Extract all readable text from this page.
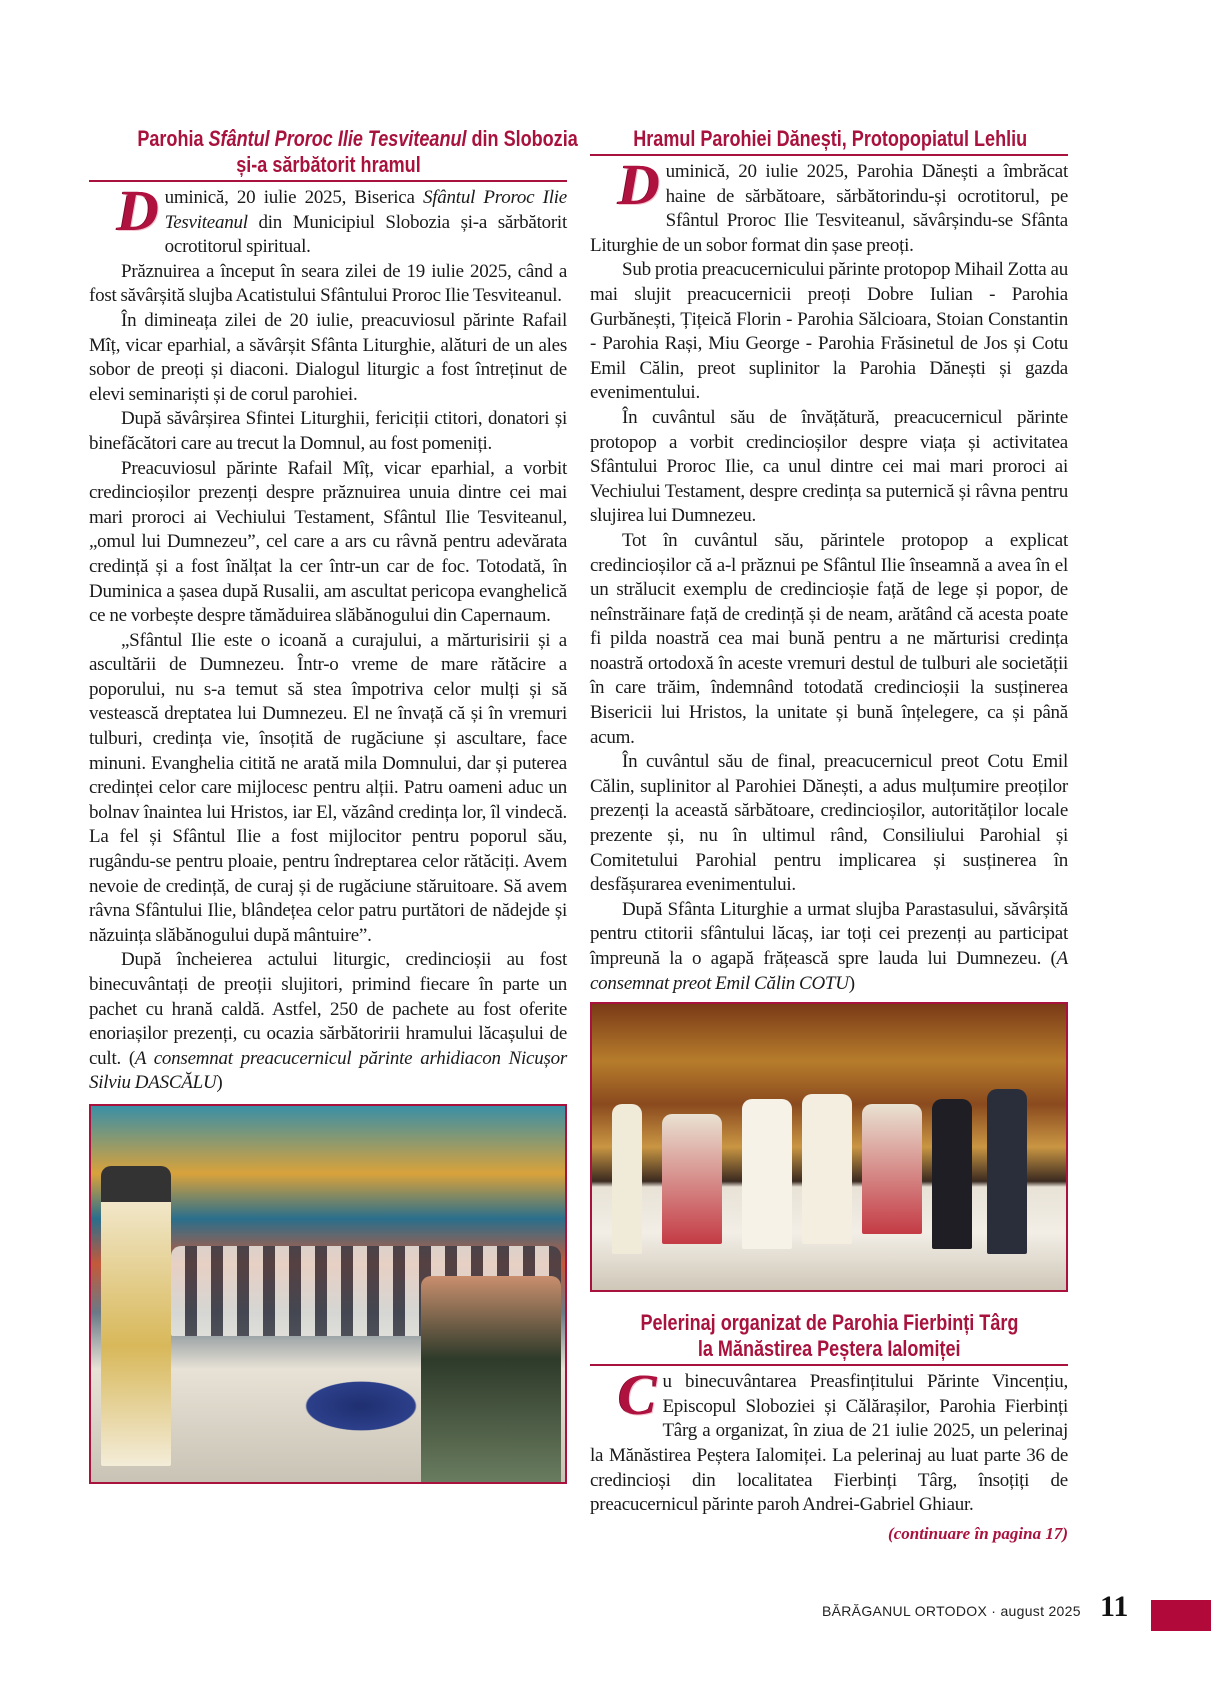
Parohia Sfântul Proroc Ilie Tesviteanul din Slobozia
și-a sărbătorit hramul

Duminică, 20 iulie 2025, Biserica Sfântul Proroc Ilie Tesviteanul din Municipiul Slobozia și-a sărbătorit ocrotitorul spiritual.

Prăznuirea a început în seara zilei de 19 iulie 2025, când a fost săvârșită slujba Acatistului Sfântului Proroc Ilie Tesviteanul.

În dimineața zilei de 20 iulie, preacuviosul părinte Rafail Mîț, vicar eparhial, a săvârșit Sfânta Liturghie, alături de un ales sobor de preoți și diaconi. Dialogul liturgic a fost întreținut de elevi seminariști și de corul parohiei.

După săvârșirea Sfintei Liturghii, fericiții ctitori, donatori și binefăcători care au trecut la Domnul, au fost pomeniți.

Preacuviosul părinte Rafail Mîț, vicar eparhial, a vorbit credincioșilor prezenți despre prăznuirea unuia dintre cei mai mari proroci ai Vechiului Testament, Sfântul Ilie Tesviteanul, „omul lui Dumnezeu”, cel care a ars cu râvnă pentru adevărata credință și a fost înălțat la cer într-un car de foc. Totodată, în Duminica a șasea după Rusalii, am ascultat pericopa evanghelică ce ne vorbește despre tămăduirea slăbănogului din Capernaum.

„Sfântul Ilie este o icoană a curajului, a mărturisirii și a ascultării de Dumnezeu. Într-o vreme de mare rătăcire a poporului, nu s-a temut să stea împotriva celor mulți și să vestească dreptatea lui Dumnezeu. El ne învață că și în vremuri tulburi, credința vie, însoțită de rugăciune și ascultare, face minuni. Evanghelia citită ne arată mila Domnului, dar și puterea credinței celor care mijlocesc pentru alții. Patru oameni aduc un bolnav înaintea lui Hristos, iar El, văzând credința lor, îl vindecă. La fel și Sfântul Ilie a fost mijlocitor pentru poporul său, rugându-se pentru ploaie, pentru îndreptarea celor rătăciți. Avem nevoie de credință, de curaj și de rugăciune stăruitoare. Să avem râvna Sfântului Ilie, blândețea celor patru purtători de nădejde și năzuința slăbănogului după mântuire”.

După încheierea actului liturgic, credincioșii au fost binecuvântați de preoții slujitori, primind fiecare în parte un pachet cu hrană caldă. Astfel, 250 de pachete au fost oferite enoriașilor prezenți, cu ocazia sărbătoririi hramului lăcașului de cult. (A consemnat preacucernicul părinte arhidiacon Nicușor Silviu DASCĂLU)

Hramul Parohiei Dănești, Protopopiatul Lehliu

Duminică, 20 iulie 2025, Parohia Dănești a îmbrăcat haine de sărbătoare, sărbătorindu-și ocrotitorul, pe Sfântul Proroc Ilie Tesviteanul, săvârșindu-se Sfânta Liturghie de un sobor format din șase preoți.

Sub protia preacucernicului părinte protopop Mihail Zotta au mai slujit preacucernicii preoți Dobre Iulian - Parohia Gurbănești, Țițeică Florin - Parohia Sălcioara, Stoian Constantin - Parohia Rași, Miu George - Parohia Frăsinetul de Jos și Cotu Emil Călin, preot suplinitor la Parohia Dănești și gazda evenimentului.

În cuvântul său de învățătură, preacucernicul părinte protopop a vorbit credincioșilor despre viața și activitatea Sfântului Proroc Ilie, ca unul dintre cei mai mari proroci ai Vechiului Testament, despre credința sa puternică și râvna pentru slujirea lui Dumnezeu.

Tot în cuvântul său, părintele protopop a explicat credincioșilor că a-l prăznui pe Sfântul Ilie înseamnă a avea în el un strălucit exemplu de credincioșie față de lege și popor, de neînstrăinare față de credință și de neam, arătând că acesta poate fi pilda noastră cea mai bună pentru a ne mărturisi credința noastră ortodoxă în aceste vremuri destul de tulburi ale societății în care trăim, îndemnând totodată credincioșii la susținerea Bisericii lui Hristos, la unitate și bună înțelegere, ca și până acum.

În cuvântul său de final, preacucernicul preot Cotu Emil Călin, suplinitor al Parohiei Dănești, a adus mulțumire preoților prezenți la această sărbătoare, credincioșilor, autorităților locale prezente și, nu în ultimul rând, Consiliului Parohial și Comitetului Parohial pentru implicarea și susținerea în desfășurarea evenimentului.

După Sfânta Liturghie a urmat slujba Parastasului, săvârșită pentru ctitorii sfântului lăcaș, iar toți cei prezenți au participat împreună la o agapă frățească spre lauda lui Dumnezeu. (A consemnat preot Emil Călin COTU)

Pelerinaj organizat de Parohia Fierbinți Târg
la Mănăstirea Peștera Ialomiței

Cu binecuvântarea Preasfințitului Părinte Vincențiu, Episcopul Sloboziei și Călărașilor, Parohia Fierbinți Târg a organizat, în ziua de 21 iulie 2025, un pelerinaj la Mănăstirea Peștera Ialomiței. La pelerinaj au luat parte 36 de credincioși din localitatea Fierbinți Târg, însoțiți de preacucernicul părinte paroh Andrei-Gabriel Ghiaur.

(continuare în pagina 17)
BĂRĂGANUL ORTODOX · august 2025 11
